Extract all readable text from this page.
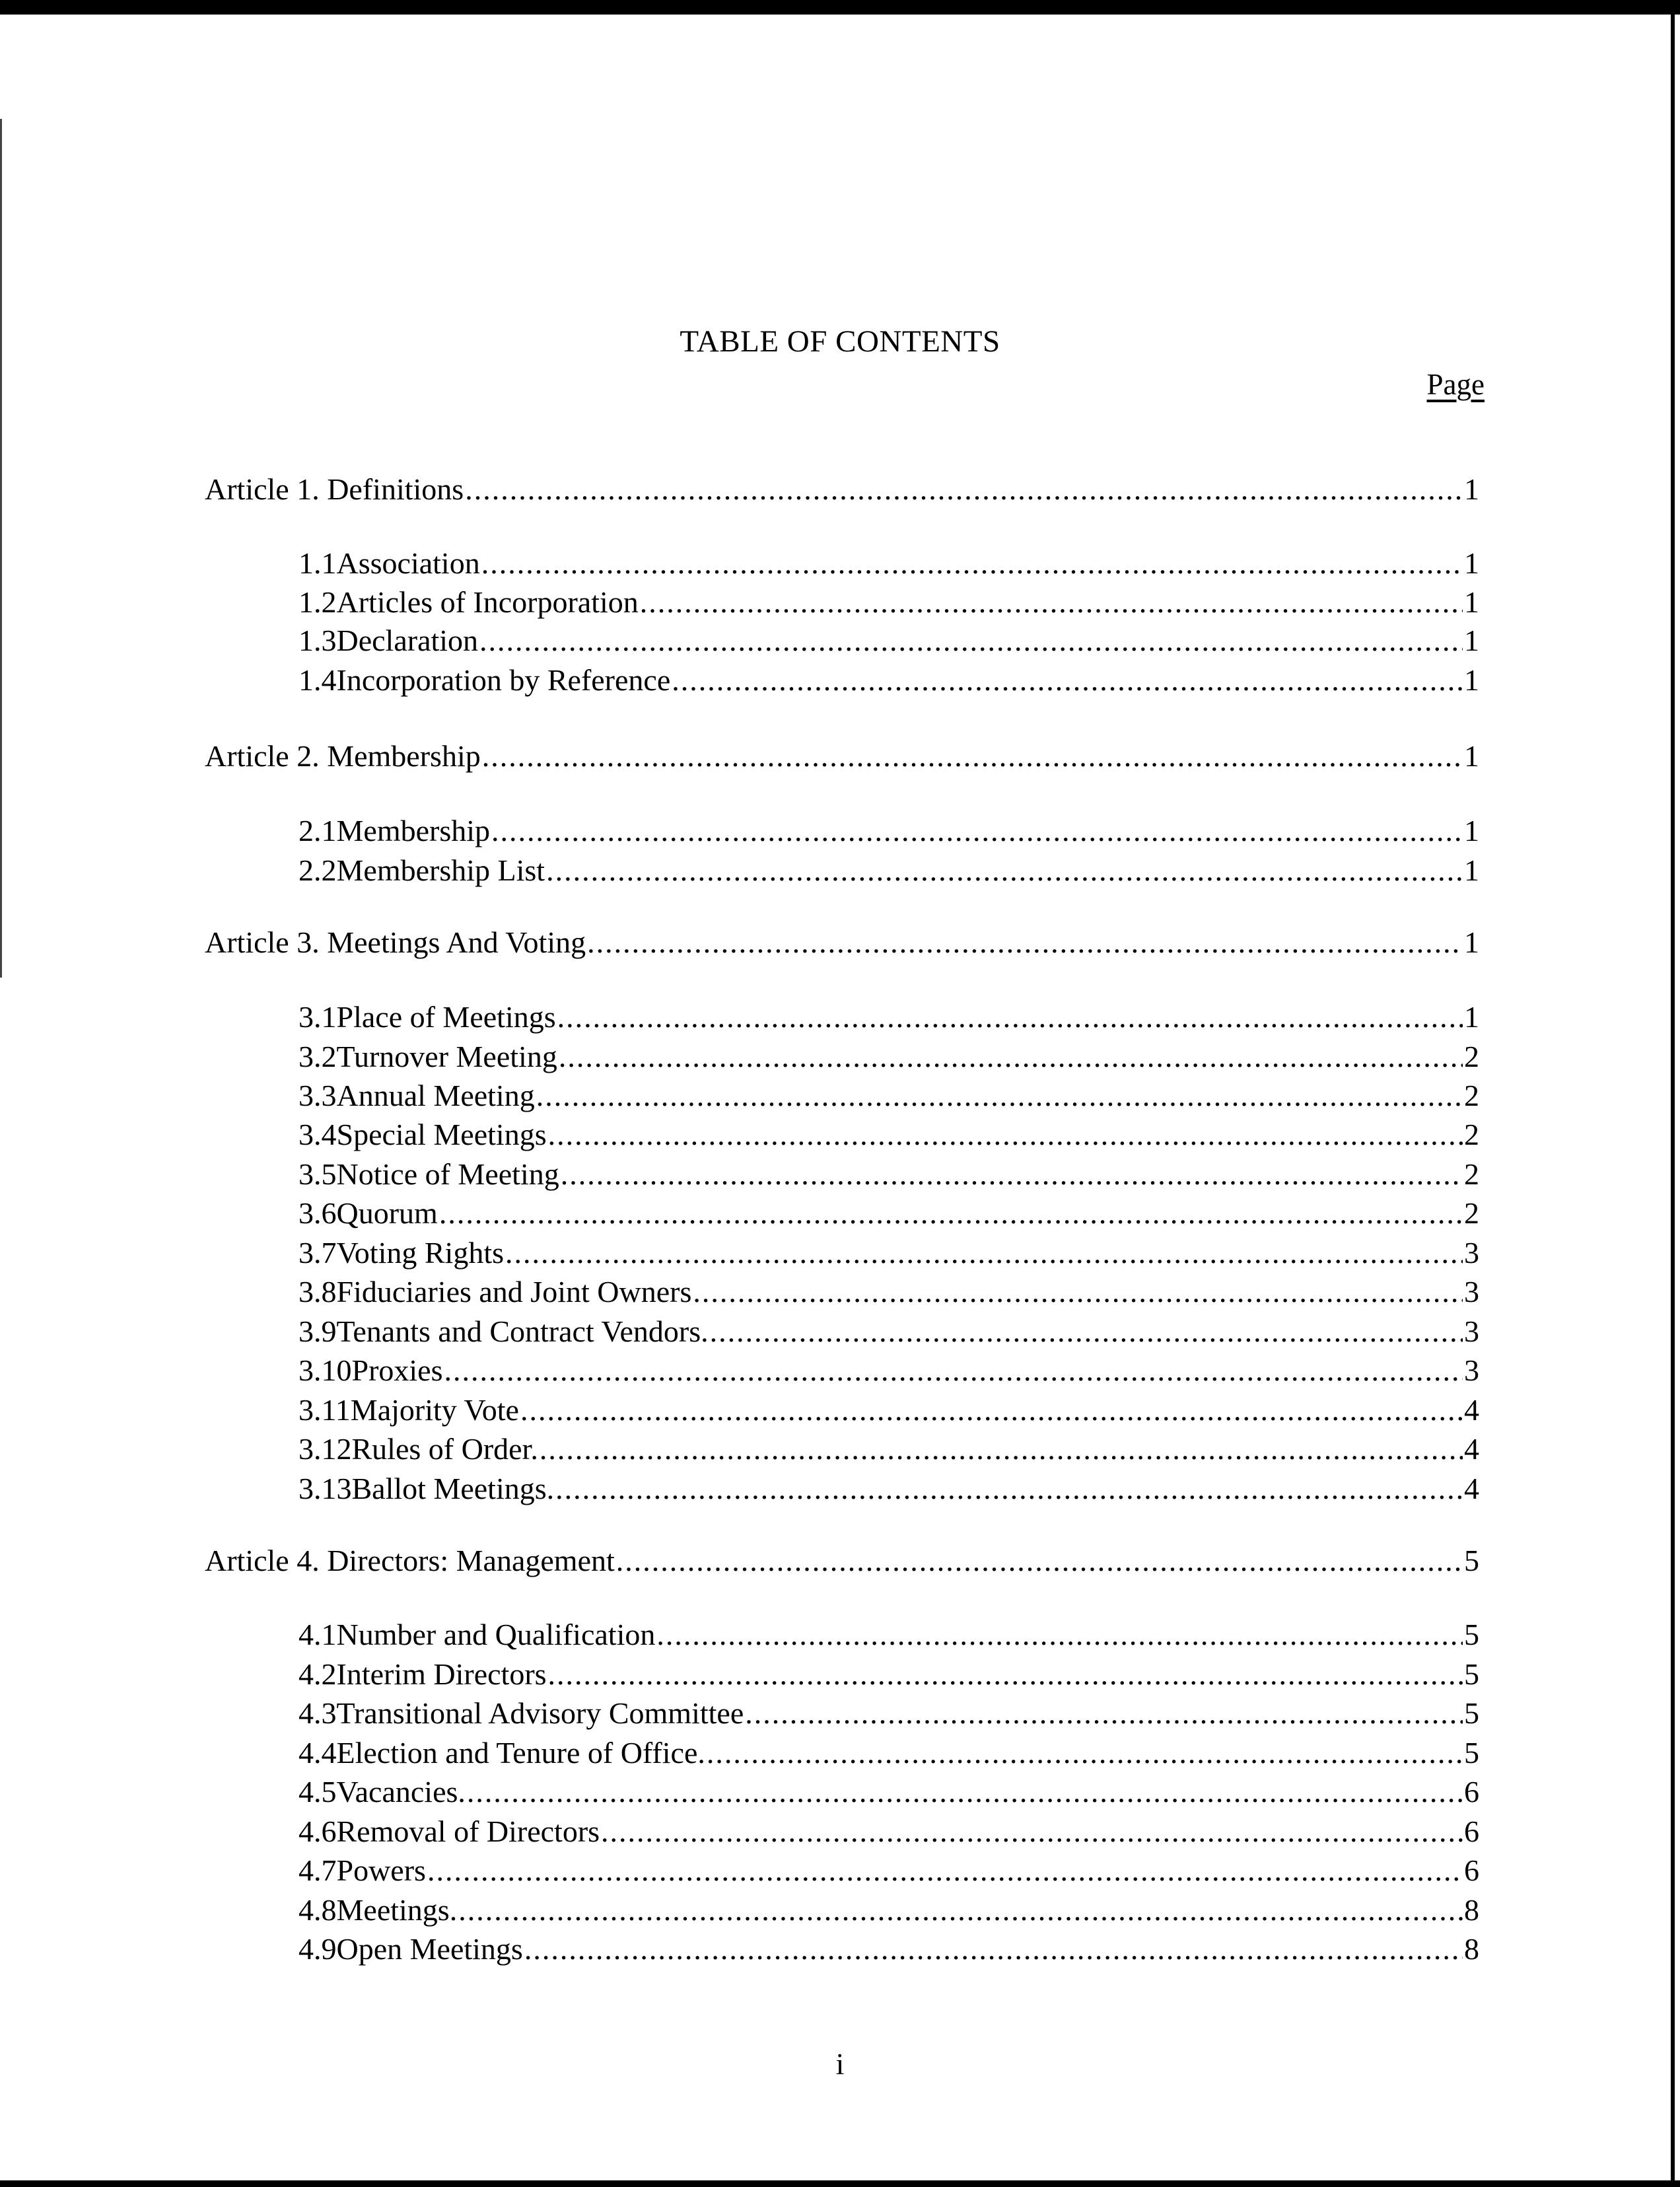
TABLE OF CONTENTS
Page
Article 1. Definitions .....	1
1.1 Association .....	1
1.2 Articles of Incorporation .....	1
1.3 Declaration .....	1
1.4 Incorporation by Reference .....	1
Article 2. Membership .....	1
2.1 Membership .....	1
2.2 Membership List .....	1
Article 3. Meetings And Voting .....	1
3.1 Place of Meetings .....	1
3.2 Turnover Meeting .....	2
3.3 Annual Meeting .....	2
3.4 Special Meetings .....	2
3.5 Notice of Meeting .....	2
3.6 Quorum .....	2
3.7 Voting Rights .....	3
3.8 Fiduciaries and Joint Owners .....	3
3.9 Tenants and Contract Vendors. .....	3
3.10 Proxies .....	3
3.11 Majority Vote .....	4
3.12 Rules of Order. .....	4
3.13 Ballot Meetings. .....	4
Article 4. Directors: Management .....	5
4.1 Number and Qualification .....	5
4.2 Interim Directors .....	5
4.3 Transitional Advisory Committee .....	5
4.4 Election and Tenure of Office. .....	5
4.5 Vacancies. .....	6
4.6 Removal of Directors .....	6
4.7 Powers .....	6
4.8 Meetings. .....	8
4.9 Open Meetings .....	8
i
